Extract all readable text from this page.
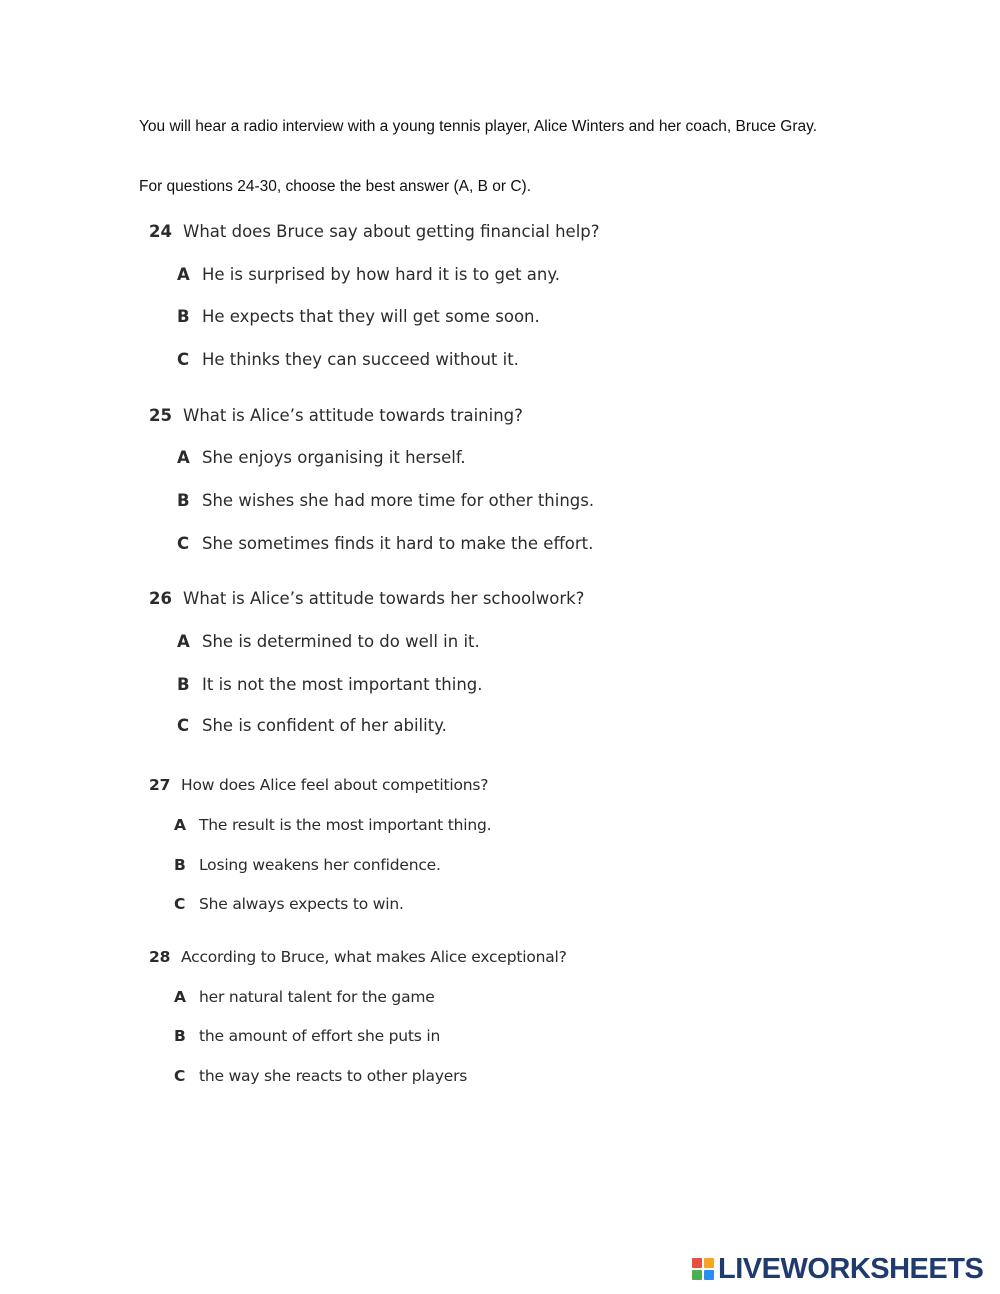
You will hear a radio interview with a young tennis player, Alice Winters and her coach, Bruce Gray.
For questions 24-30, choose the best answer (A, B or C).
24 What does Bruce say about getting financial help?
A He is surprised by how hard it is to get any.
B He expects that they will get some soon.
C He thinks they can succeed without it.
25 What is Alice’s attitude towards training?
A She enjoys organising it herself.
B She wishes she had more time for other things.
C She sometimes finds it hard to make the effort.
26 What is Alice’s attitude towards her schoolwork?
A She is determined to do well in it.
B It is not the most important thing.
C She is confident of her ability.
27 How does Alice feel about competitions?
A The result is the most important thing.
B Losing weakens her confidence.
C She always expects to win.
28 According to Bruce, what makes Alice exceptional?
A her natural talent for the game
B the amount of effort she puts in
C the way she reacts to other players
LIVEWORKSHEETS
